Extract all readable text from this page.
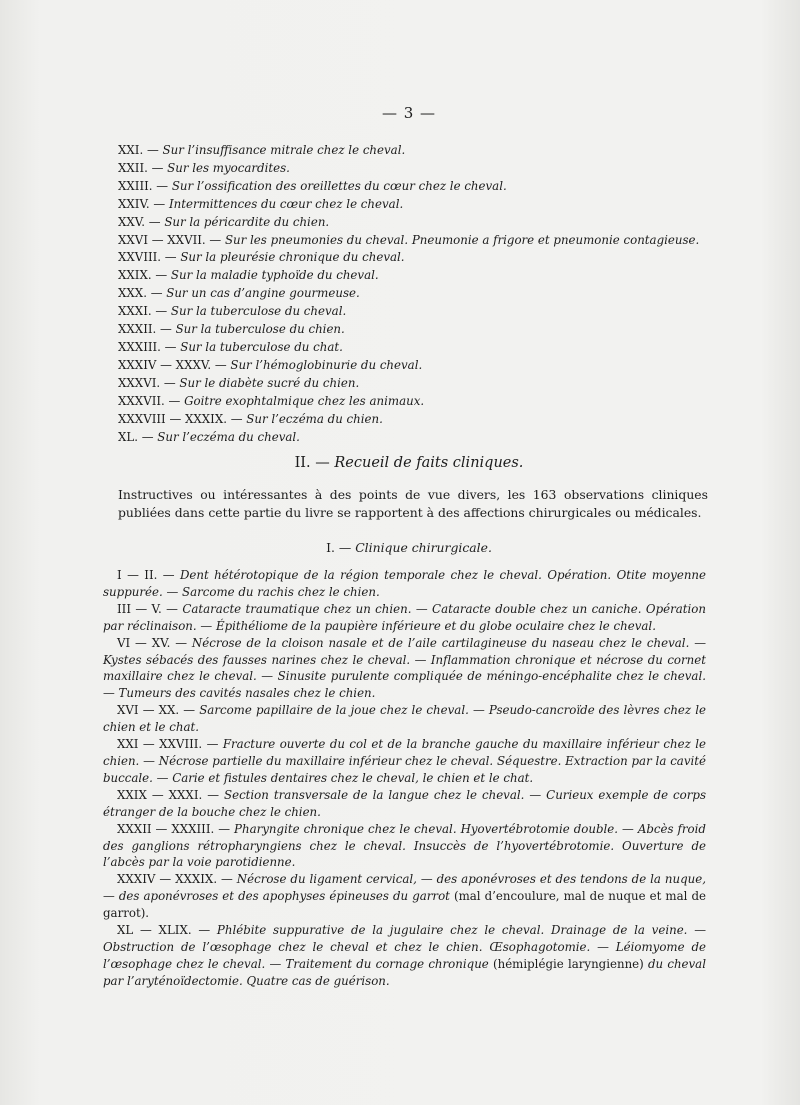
— 3 —
XXI. — Sur l’insuffisance mitrale chez le cheval.
XXII. — Sur les myocardites.
XXIII. — Sur l’ossification des oreillettes du cœur chez le cheval.
XXIV. — Intermittences du cœur chez le cheval.
XXV. — Sur la péricardite du chien.
XXVI — XXVII. — Sur les pneumonies du cheval. Pneumonie a frigore et pneumonie contagieuse.
XXVIII. — Sur la pleurésie chronique du cheval.
XXIX. — Sur la maladie typhoïde du cheval.
XXX. — Sur un cas d’angine gourmeuse.
XXXI. — Sur la tuberculose du cheval.
XXXII. — Sur la tuberculose du chien.
XXXIII. — Sur la tuberculose du chat.
XXXIV — XXXV. — Sur l’hémoglobinurie du cheval.
XXXVI. — Sur le diabète sucré du chien.
XXXVII. — Goitre exophtalmique chez les animaux.
XXXVIII — XXXIX. — Sur l’eczéma du chien.
XL. — Sur l’eczéma du cheval.
II. — Recueil de faits cliniques.
Instructives ou intéressantes à des points de vue divers, les 163 observations cliniques publiées dans cette partie du livre se rapportent à des affections chirurgicales ou médicales.
I. — Clinique chirurgicale.

I — II. — Dent hétérotopique de la région temporale chez le cheval. Opération. Otite moyenne suppurée. — Sarcome du rachis chez le chien.

III — V. — Cataracte traumatique chez un chien. — Cataracte double chez un caniche. Opération par réclinaison. — Épithéliome de la paupière inférieure et du globe oculaire chez le cheval.

VI — XV. — Nécrose de la cloison nasale et de l’aile cartilagineuse du naseau chez le cheval. — Kystes sébacés des fausses narines chez le cheval. — Inflammation chronique et nécrose du cornet maxillaire chez le cheval. — Sinusite purulente compliquée de méningo-encéphalite chez le cheval. — Tumeurs des cavités nasales chez le chien.

XVI — XX. — Sarcome papillaire de la joue chez le cheval. — Pseudo-cancroïde des lèvres chez le chien et le chat.

XXI — XXVIII. — Fracture ouverte du col et de la branche gauche du maxillaire inférieur chez le chien. — Nécrose partielle du maxillaire inférieur chez le cheval. Séquestre. Extraction par la cavité buccale. — Carie et fistules dentaires chez le cheval, le chien et le chat.

XXIX — XXXI. — Section transversale de la langue chez le cheval. — Curieux exemple de corps étranger de la bouche chez le chien.

XXXII — XXXIII. — Pharyngite chronique chez le cheval. Hyovertébrotomie double. — Abcès froid des ganglions rétropharyngiens chez le cheval. Insuccès de l’hyovertébrotomie. Ouverture de l’abcès par la voie parotidienne.

XXXIV — XXXIX. — Nécrose du ligament cervical, — des aponévroses et des tendons de la nuque, — des aponévroses et des apophyses épineuses du garrot (mal d’encoulure, mal de nuque et mal de garrot).

XL — XLIX. — Phlébite suppurative de la jugulaire chez le cheval. Drainage de la veine. — Obstruction de l’œsophage chez le cheval et chez le chien. Œsophagotomie. — Léiomyome de l’œsophage chez le cheval. — Traitement du cornage chronique (hémiplégie laryngienne) du cheval par l’aryténoïdectomie. Quatre cas de guérison.
